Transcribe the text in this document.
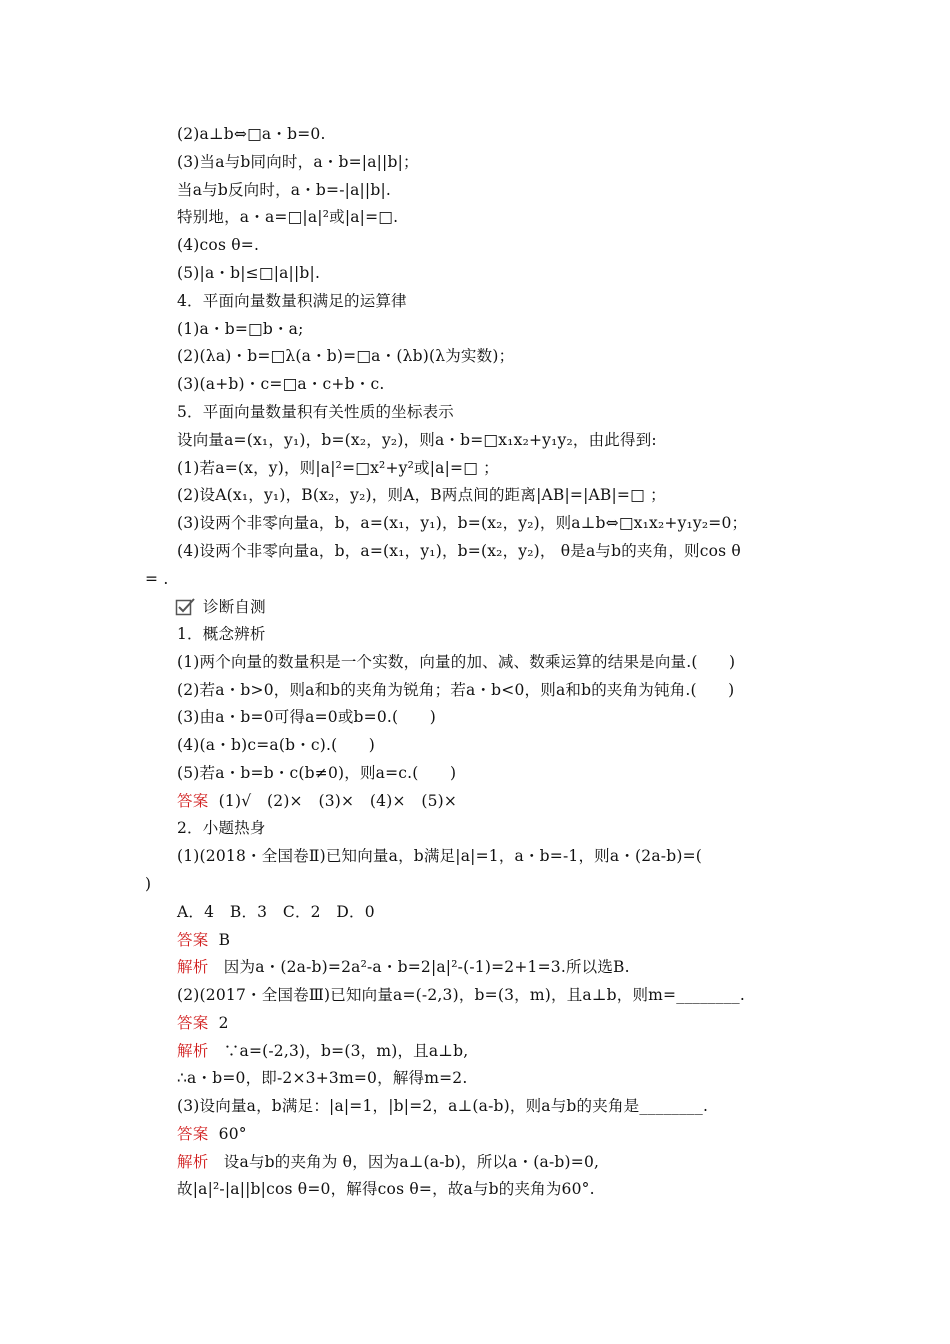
(2)a⊥b⇔□a・b=0.
(3)当a与b同向时，a・b=|a||b|；
当a与b反向时，a・b=-|a||b|.
特别地，a・a=□|a|²或|a|=□.
(4)cos θ=.
(5)|a・b|≤□|a||b|.
4．平面向量数量积满足的运算律
(1)a・b=□b・a;
(2)(λa)・b=□λ(a・b)=□a・(λb)(λ为实数)；
(3)(a+b)・c=□a・c+b・c.
5．平面向量数量积有关性质的坐标表示
设向量a=(x₁，y₁)，b=(x₂，y₂)，则a・b=□x₁x₂+y₁y₂，由此得到:
(1)若a=(x，y)，则|a|²=□x²+y²或|a|=□ ；
(2)设A(x₁，y₁)，B(x₂，y₂)，则A，B两点间的距离|AB|=|AB|=□ ；
(3)设两个非零向量a，b，a=(x₁，y₁)，b=(x₂，y₂)，则a⊥b⇔□x₁x₂+y₁y₂=0；
(4)设两个非零向量a，b，a=(x₁，y₁)，b=(x₂，y₂)， θ是a与b的夹角，则cos θ
= .
诊断自测
1．概念辨析
(1)两个向量的数量积是一个实数，向量的加、减、数乘运算的结果是向量.(　　)
(2)若a・b>0，则a和b的夹角为锐角；若a・b<0，则a和b的夹角为钝角.(　　)
(3)由a・b=0可得a=0或b=0.(　　)
(4)(a・b)c=a(b・c).(　　)
(5)若a・b=b・c(b≠0)，则a=c.(　　)
答案 (1)√　(2)×　(3)×　(4)×　(5)×
2．小题热身
(1)(2018・全国卷Ⅱ)已知向量a，b满足|a|=1，a・b=-1，则a・(2a-b)=(
)
A．4　B．3　C．2　D．0
答案 B
解析 因为a・(2a-b)=2a²-a・b=2|a|²-(-1)=2+1=3.所以选B.
(2)(2017・全国卷Ⅲ)已知向量a=(-2,3)，b=(3，m)，且a⊥b，则m=________.
答案 2
解析 ∵a=(-2,3)，b=(3，m)，且a⊥b,
∴a・b=0，即-2×3+3m=0，解得m=2.
(3)设向量a，b满足：|a|=1，|b|=2，a⊥(a-b)，则a与b的夹角是________.
答案 60°
解析 设a与b的夹角为 θ，因为a⊥(a-b)，所以a・(a-b)=0,
故|a|²-|a||b|cos θ=0，解得cos θ=，故a与b的夹角为60°.
